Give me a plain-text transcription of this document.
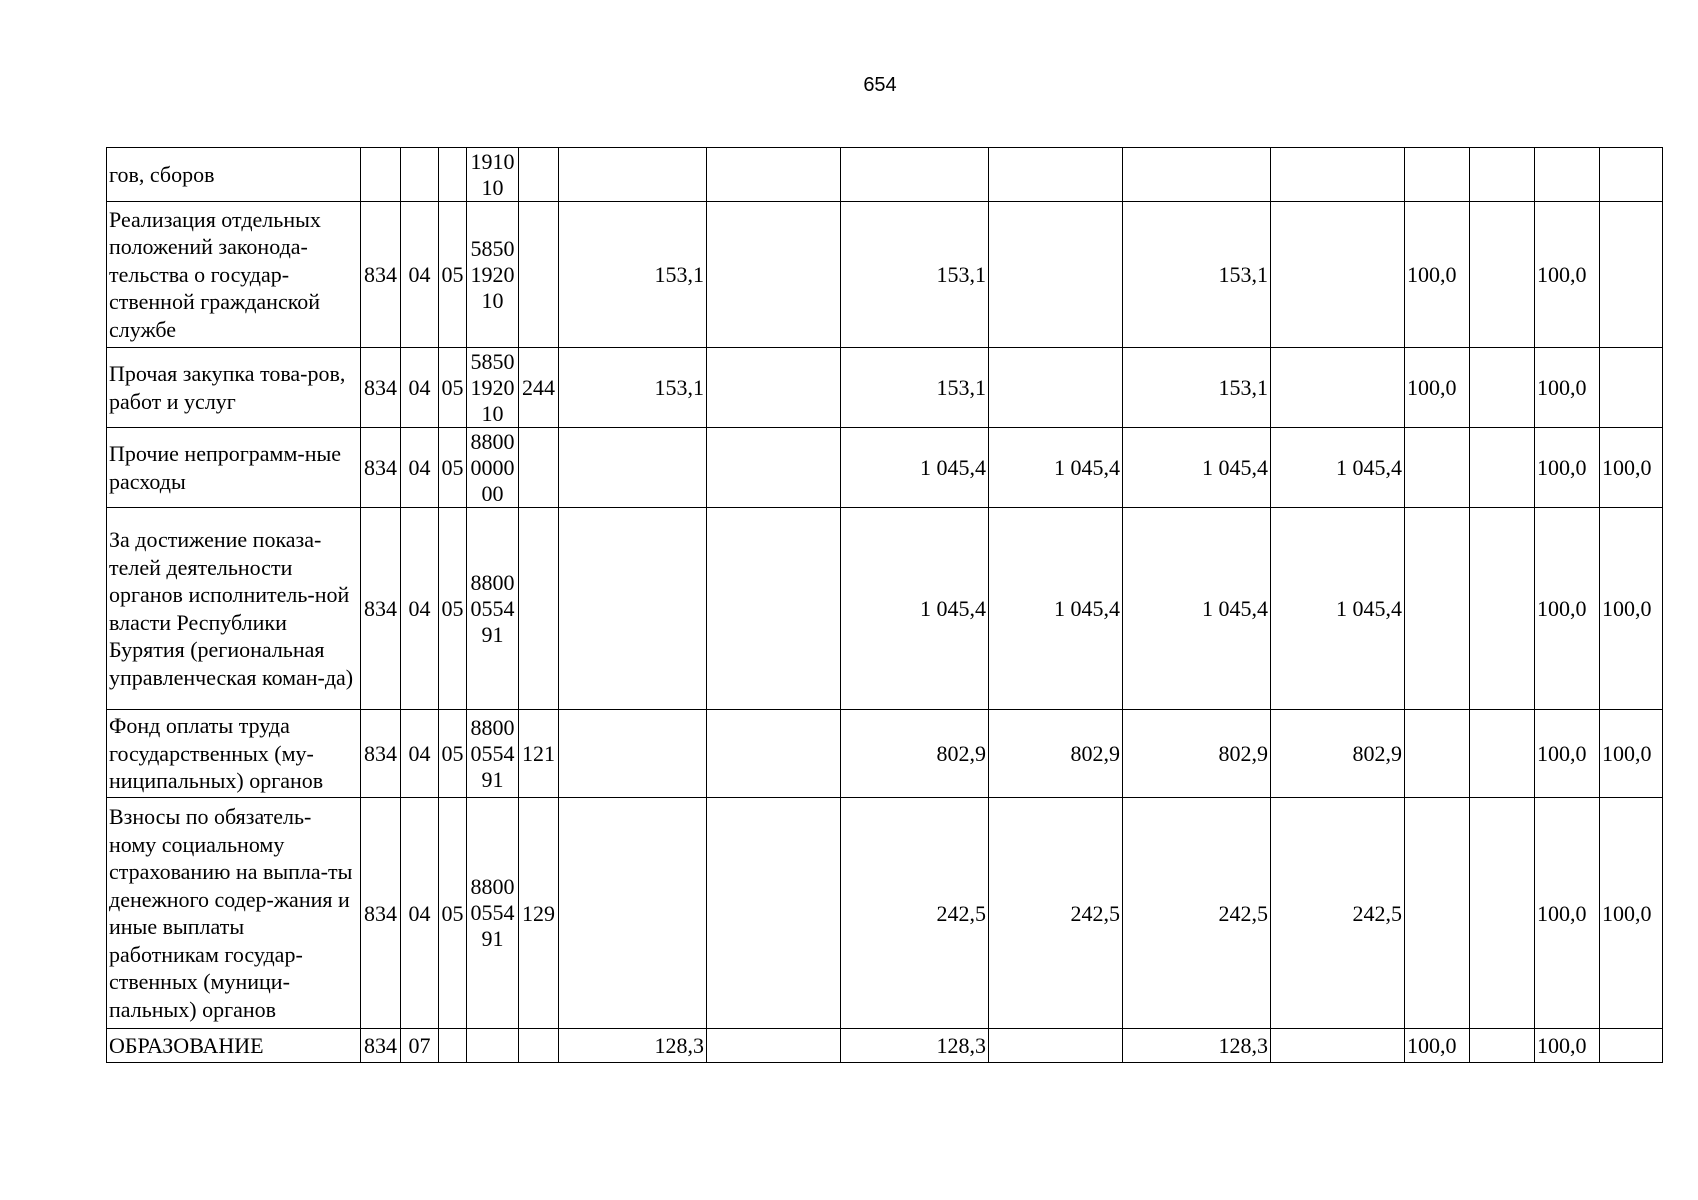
654
гов, сборов				1910
10											
Реализация отдельных положений законода-тельства о государ-ственной гражданской службе	834	04	05	5850
1920
10		153,1		153,1		153,1		100,0		100,0	
Прочая закупка това-ров, работ и услуг	834	04	05	5850
1920
10	244	153,1		153,1		153,1		100,0		100,0	
Прочие непрограмм-ные расходы	834	04	05	8800
0000
00				1 045,4	1 045,4	1 045,4	1 045,4			100,0	100,0
За достижение показа-телей деятельности органов исполнитель-ной власти Республики Бурятия (региональная управленческая коман-да)	834	04	05	8800
0554
91				1 045,4	1 045,4	1 045,4	1 045,4			100,0	100,0
Фонд оплаты труда государственных (му-ниципальных) органов	834	04	05	8800
0554
91	121			802,9	802,9	802,9	802,9			100,0	100,0
Взносы по обязатель-ному социальному страхованию на выпла-ты денежного содер-жания и иные выплаты работникам государ-ственных (муници-пальных) органов	834	04	05	8800
0554
91	129			242,5	242,5	242,5	242,5			100,0	100,0
ОБРАЗОВАНИЕ	834	07				128,3		128,3		128,3		100,0		100,0	
